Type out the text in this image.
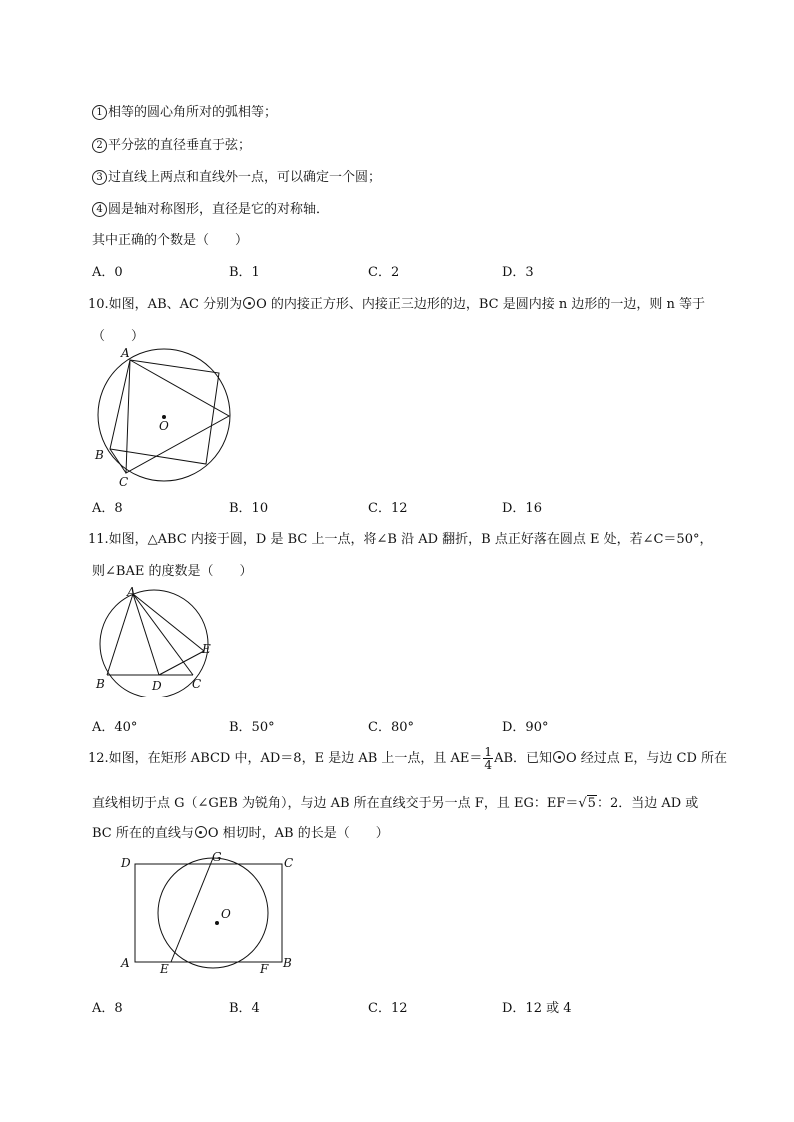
1 相等的圆心角所对的弧相等；
2 平分弦的直径垂直于弦；
3 过直线上两点和直线外一点，可以确定一个圆；
4 圆是轴对称图形，直径是它的对称轴．
其中正确的个数是（　　）
A．0	B．1	C．2	D．3
10.如图，AB、AC 分别为 O 的内接正方形、内接正三边形的边，BC 是圆内接 n 边形的一边，则 n 等于
（　　）
A
O
B
C
A．8	B．10	C．12	D．16
11.如图，△ABC 内接于圆，D 是 BC 上一点，将∠B 沿 AD 翻折，B 点正好落在圆点 E 处，若∠C＝50°，
则∠BAE 的度数是（　　）
A
E
B	D	C
A．40°	B．50°	C．80°	D．90°
12.如图，在矩形 ABCD 中，AD＝8，E 是边 AB 上一点，且 $AE= \frac{1}{4}$ AB．已知 O 经过点 E，与边 CD 所在
直线相切于点 G（∠GEB 为锐角），与边 AB 所在直线交于另一点 F，且 EG：EF＝√5：2．当边 AD 或
BC 所在的直线与 O 相切时，AB 的长是（　　）
D	G	C
O
A	E	F B
A．8	B．4	C．12	D．12 或 4
